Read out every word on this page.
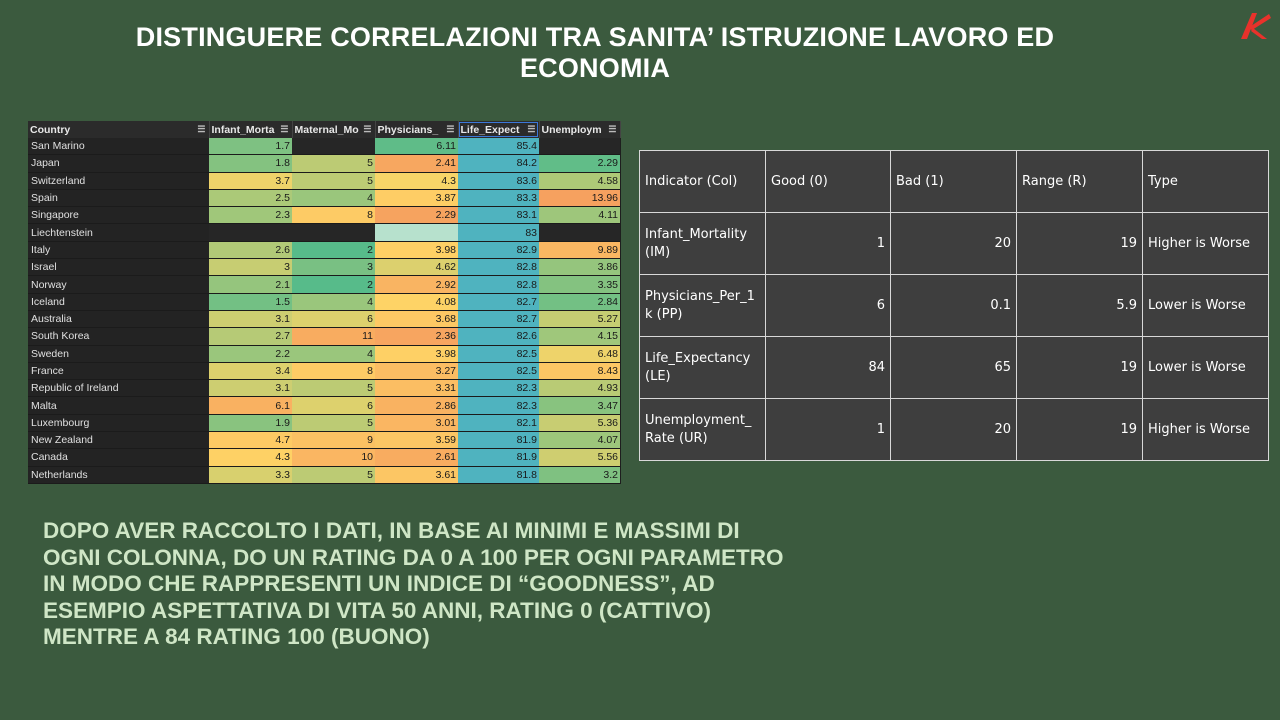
DISTINGUERE CORRELAZIONI TRA SANITA’ ISTRUZIONE LAVORO ED ECONOMIA
Country ☰	Infant_Morta ☰	Maternal_Mo ☰	Physicians_ ☰	Life_Expect ☰	Unemploym ☰

San Marino	1.7		6.11	85.4	
Japan	1.8	5	2.41	84.2	2.29
Switzerland	3.7	5	4.3	83.6	4.58
Spain	2.5	4	3.87	83.3	13.96
Singapore	2.3	8	2.29	83.1	4.11
Liechtenstein				83	
Italy	2.6	2	3.98	82.9	9.89
Israel	3	3	4.62	82.8	3.86
Norway	2.1	2	2.92	82.8	3.35
Iceland	1.5	4	4.08	82.7	2.84
Australia	3.1	6	3.68	82.7	5.27
South Korea	2.7	11	2.36	82.6	4.15
Sweden	2.2	4	3.98	82.5	6.48
France	3.4	8	3.27	82.5	8.43
Republic of Ireland	3.1	5	3.31	82.3	4.93
Malta	6.1	6	2.86	82.3	3.47
Luxembourg	1.9	5	3.01	82.1	5.36
New Zealand	4.7	9	3.59	81.9	4.07
Canada	4.3	10	2.61	81.9	5.56
Netherlands	3.3	5	3.61	81.8	3.2
Indicator (Col)	Good (0)	Bad (1)	Range (R)	Type
Infant_Mortality (IM)	1	20	19	Higher is Worse
Physicians_Per_1k (PP)	6	0.1	5.9	Lower is Worse
Life_Expectancy (LE)	84	65	19	Lower is Worse
Unemployment_Rate (UR)	1	20	19	Higher is Worse
DOPO AVER RACCOLTO I DATI, IN BASE AI MINIMI E MASSIMI DI OGNI COLONNA, DO UN RATING DA 0 A 100 PER OGNI PARAMETRO IN MODO CHE RAPPRESENTI UN INDICE DI “GOODNESS”, AD ESEMPIO ASPETTATIVA DI VITA 50 ANNI, RATING 0 (CATTIVO) MENTRE A 84 RATING 100 (BUONO)
